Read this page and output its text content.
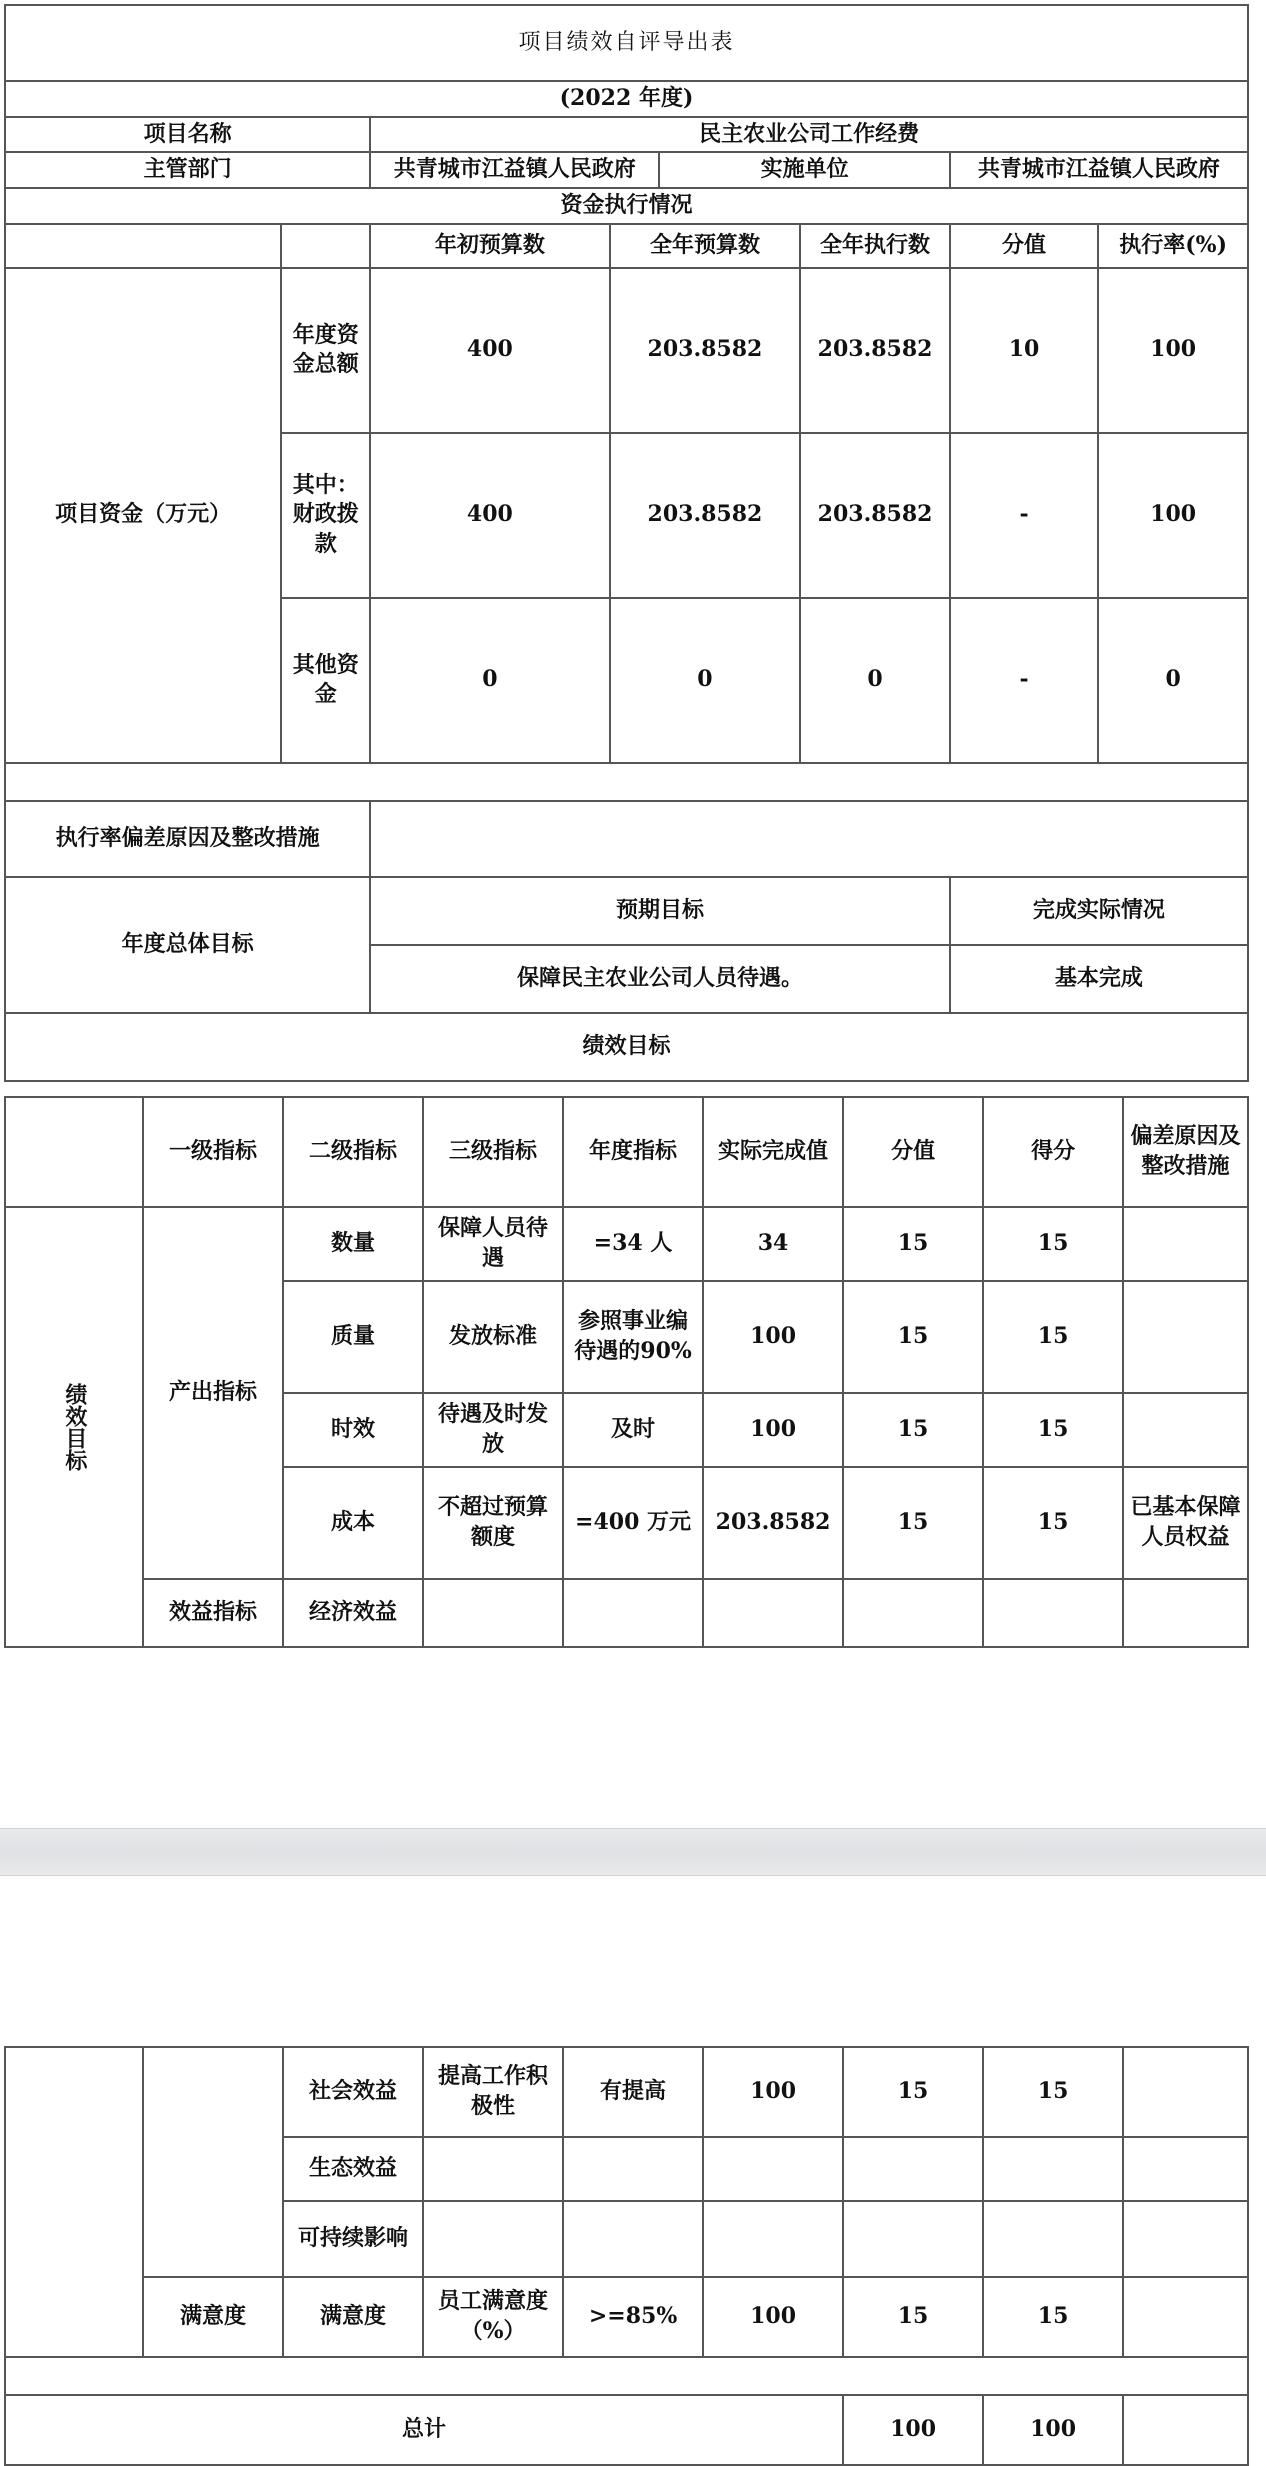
项目绩效自评导出表							
(2022 年度)							
项目名称		民主农业公司工作经费					
主管部门		共青城市江益镇人民政府		实施单位		共青城市江益镇人民政府	
资金执行情况							
		年初预算数	全年预算数		全年执行数	分值	执行率(%)
项目资金（万元）	年度资金总额	400	203.8582		203.8582	10	100
	其中：财政拨款	400	203.8582		203.8582	-	100
	其他资金	0	0		0	-	0

执行率偏差原因及整改措施							
年度总体目标		预期目标				完成实际情况	
		保障民主农业公司人员待遇。				基本完成	
绩效目标							
	一级指标	二级指标	三级指标	年度指标	实际完成值	分值	得分	偏差原因及整改措施
绩效目标	产出指标	数量	保障人员待遇	=34 人	34	15	15	
		质量	发放标准	参照事业编待遇的90%	100	15	15	
		时效	待遇及时发放	及时	100	15	15	
		成本	不超过预算额度	=400 万元	203.8582	15	15	已基本保障人员权益
	效益指标	经济效益						
		社会效益	提高工作积极性	有提高	100	15	15	
		生态效益						
		可持续影响						
	满意度	满意度	员工满意度（%）	>=85%	100	15	15	

总计						100	100	
